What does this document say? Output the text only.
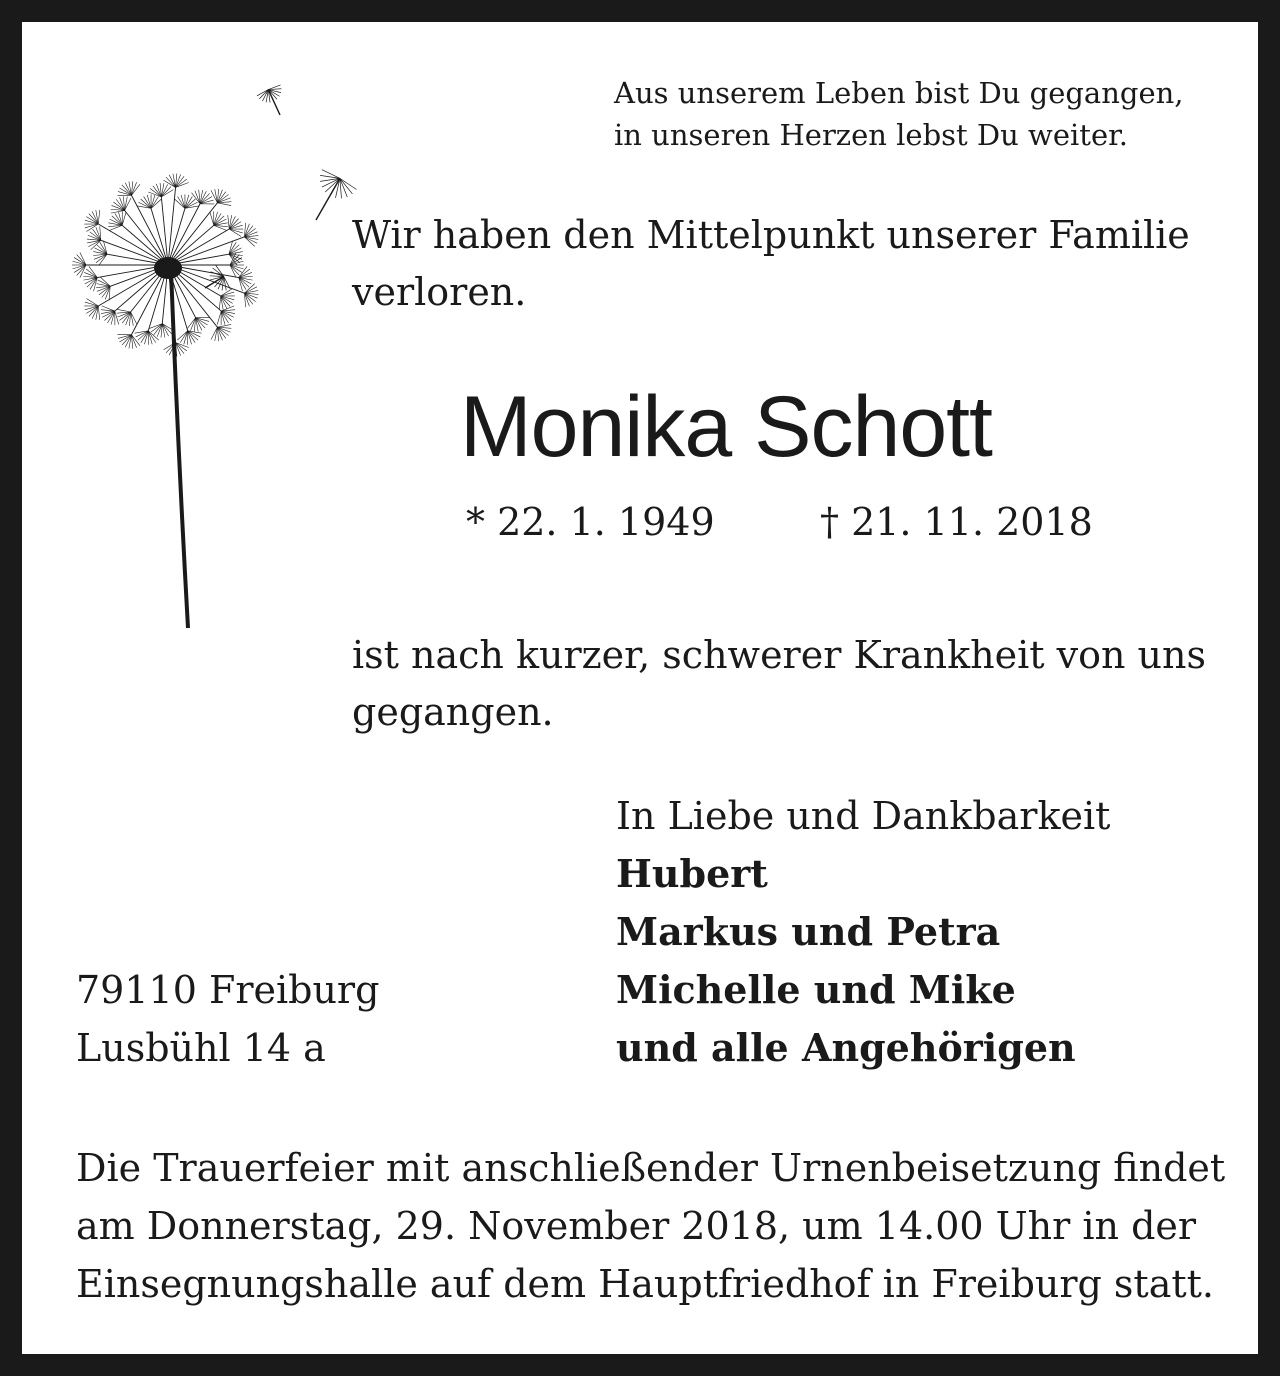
Aus unserem Leben bist Du gegangen,
in unseren Herzen lebst Du weiter.
Wir haben den Mittelpunkt unserer Familie
verloren.
Monika Schott
* 22. 1. 1949	† 21. 11. 2018
ist nach kurzer, schwerer Krankheit von uns
gegangen.
In Liebe und Dankbarkeit
Hubert
Markus und Petra
Michelle und Mike
und alle Angehörigen
79110 Freiburg
Lusbühl 14 a
Die Trauerfeier mit anschließender Urnenbeisetzung findet
am Donnerstag, 29. November 2018, um 14.00 Uhr in der
Einsegnungshalle auf dem Hauptfriedhof in Freiburg statt.
